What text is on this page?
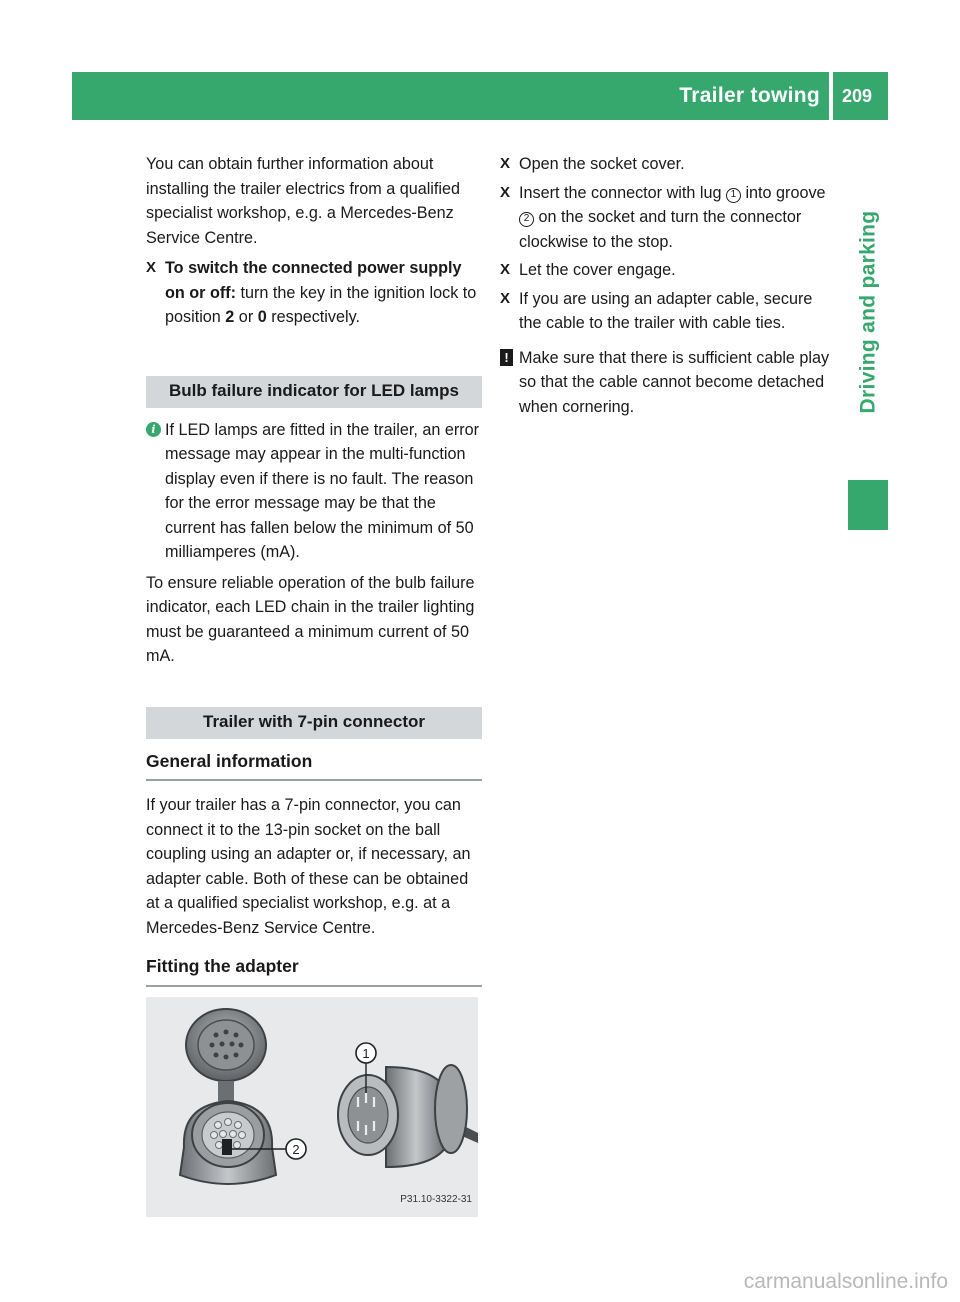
Trailer towing 209
Driving and parking

You can obtain further information about installing the trailer electrics from a qualified specialist workshop, e.g. a Mercedes-Benz Service Centre.

X To switch the connected power supply on or off: turn the key in the ignition lock to position 2 or 0 respectively.
Bulb failure indicator for LED lamps
i If LED lamps are fitted in the trailer, an error message may appear in the multi-function display even if there is no fault. The reason for the error message may be that the current has fallen below the minimum of 50 milliamperes (mA).

To ensure reliable operation of the bulb failure indicator, each LED chain in the trailer lighting must be guaranteed a minimum current of 50 mA.

Trailer with 7-pin connector
General information

If your trailer has a 7-pin connector, you can connect it to the 13-pin socket on the ball coupling using an adapter or, if necessary, an adapter cable. Both of these can be obtained at a qualified specialist workshop, e.g. at a Mercedes-Benz Service Centre.

Fitting the adapter
2
1
P31.10-3322-31
X Open the socket cover.
X Insert the connector with lug 1 into groove 2 on the socket and turn the connector clockwise to the stop.
X Let the cover engage.
X If you are using an adapter cable, secure the cable to the trailer with cable ties.
! Make sure that there is sufficient cable play so that the cable cannot become detached when cornering.
carmanualsonline.info
